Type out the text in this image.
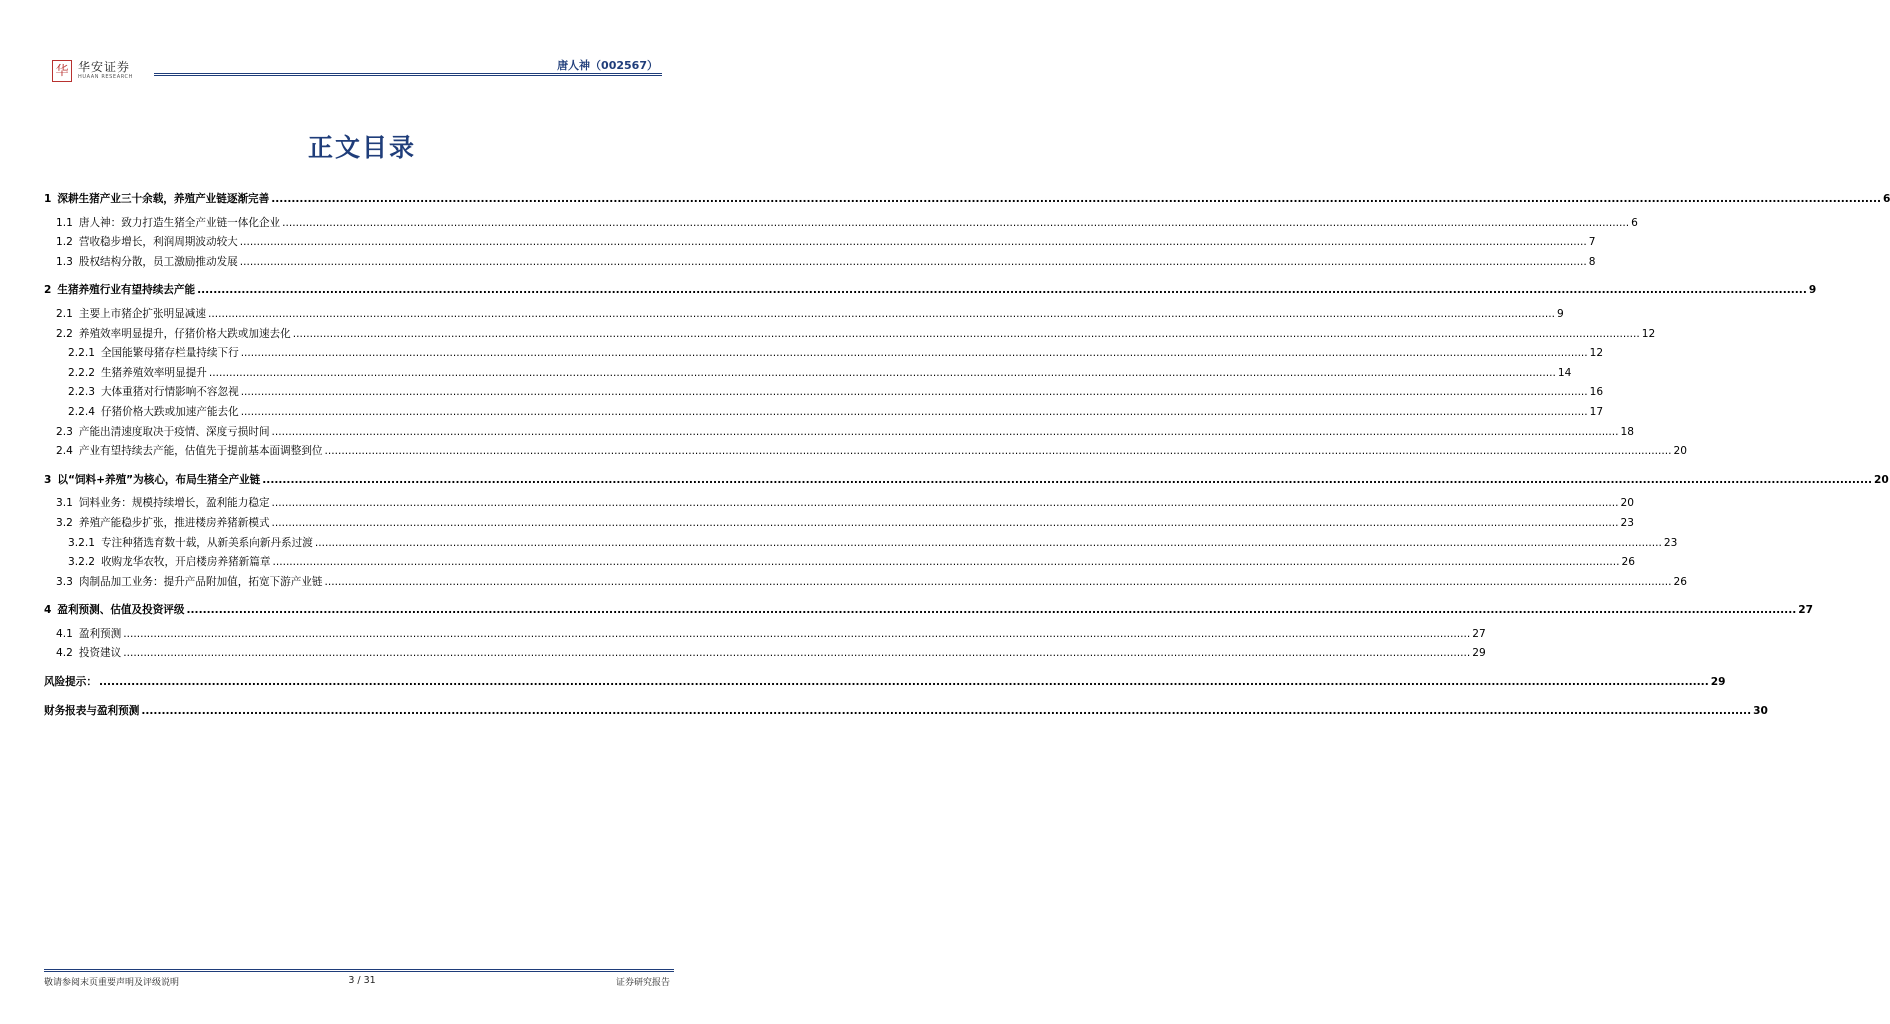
华 华安证券
HUAAN RESEARCH
唐人神（002567）
正文目录
1 深耕生猪产业三十余载，养殖产业链逐渐完善 ................................................................................................................................................................................................................................................................................................................................................................................................................ 6
1.1 唐人神：致力打造生猪全产业链一体化企业 ................................................................................................................................................................................................................................................................................................................................................................................................................ 6
1.2 营收稳步增长，利润周期波动较大 ................................................................................................................................................................................................................................................................................................................................................................................................................ 7
1.3 股权结构分散，员工激励推动发展 ................................................................................................................................................................................................................................................................................................................................................................................................................ 8
2 生猪养殖行业有望持续去产能 ................................................................................................................................................................................................................................................................................................................................................................................................................ 9
2.1 主要上市猪企扩张明显减速 ................................................................................................................................................................................................................................................................................................................................................................................................................ 9
2.2 养殖效率明显提升，仔猪价格大跌或加速去化 ................................................................................................................................................................................................................................................................................................................................................................................................................ 12
2.2.1 全国能繁母猪存栏量持续下行 ................................................................................................................................................................................................................................................................................................................................................................................................................ 12
2.2.2 生猪养殖效率明显提升 ................................................................................................................................................................................................................................................................................................................................................................................................................ 14
2.2.3 大体重猪对行情影响不容忽视 ................................................................................................................................................................................................................................................................................................................................................................................................................ 16
2.2.4 仔猪价格大跌或加速产能去化 ................................................................................................................................................................................................................................................................................................................................................................................................................ 17
2.3 产能出清速度取决于疫情、深度亏损时间 ................................................................................................................................................................................................................................................................................................................................................................................................................ 18
2.4 产业有望持续去产能，估值先于提前基本面调整到位 ................................................................................................................................................................................................................................................................................................................................................................................................................ 20
3 以“饲料+养殖”为核心，布局生猪全产业链 ................................................................................................................................................................................................................................................................................................................................................................................................................ 20
3.1 饲料业务：规模持续增长，盈利能力稳定 ................................................................................................................................................................................................................................................................................................................................................................................................................ 20
3.2 养殖产能稳步扩张，推进楼房养猪新模式 ................................................................................................................................................................................................................................................................................................................................................................................................................ 23
3.2.1 专注种猪选育数十载，从新美系向新丹系过渡 ................................................................................................................................................................................................................................................................................................................................................................................................................ 23
3.2.2 收购龙华农牧，开启楼房养猪新篇章 ................................................................................................................................................................................................................................................................................................................................................................................................................ 26
3.3 肉制品加工业务：提升产品附加值，拓宽下游产业链 ................................................................................................................................................................................................................................................................................................................................................................................................................ 26
4 盈利预测、估值及投资评级 ................................................................................................................................................................................................................................................................................................................................................................................................................ 27
4.1 盈利预测 ................................................................................................................................................................................................................................................................................................................................................................................................................ 27
4.2 投资建议 ................................................................................................................................................................................................................................................................................................................................................................................................................ 29
风险提示： ................................................................................................................................................................................................................................................................................................................................................................................................................ 29
财务报表与盈利预测 ................................................................................................................................................................................................................................................................................................................................................................................................................ 30
敬请参阅末页重要声明及评级说明	3 / 31	证券研究报告
